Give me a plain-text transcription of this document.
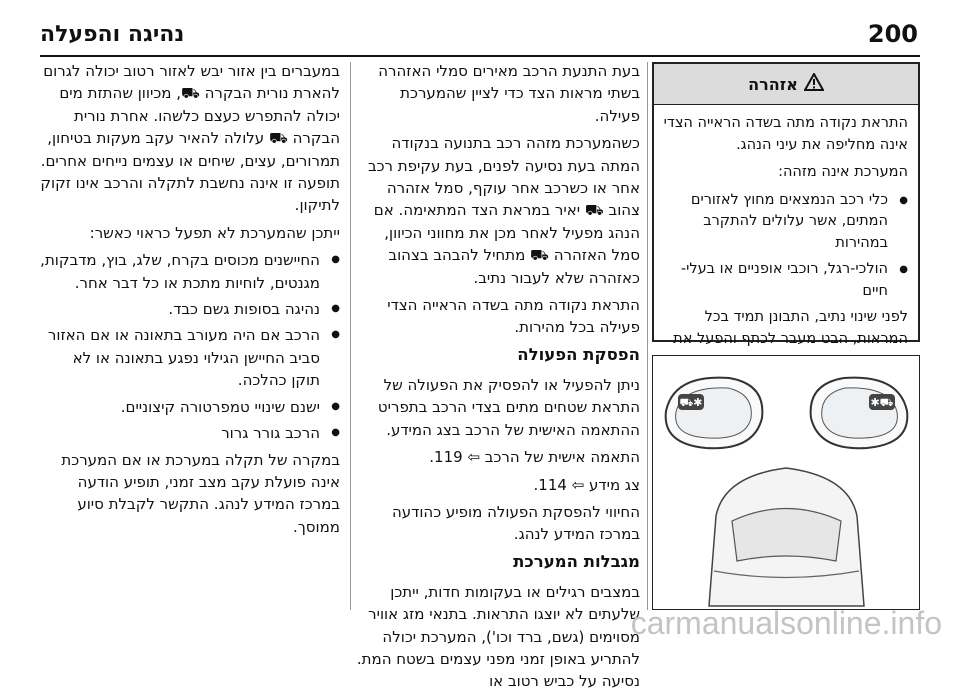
200
נהיגה והפעלה
אזהרה

התראת נקודה מתה בשדה הראייה הצדי אינה מחליפה את עיני הנהג.

המערכת אינה מזהה:

● כלי רכב הנמצאים מחוץ לאזורים המתים, אשר עלולים להתקרב במהירות
● הולכי-רגל, רוכבי אופניים או בעלי- חיים

לפני שינוי נתיב, התבונן תמיד בכל המראות, הבט מעבר לכתף והפעל את

✱⛟	⛟✱

בעת התנעת הרכב מאירים סמלי האזהרה בשתי מראות הצד כדי לציין שהמערכת פעילה.

כשהמערכת מזהה רכב בתנועה בנקודה המתה בעת נסיעה לפנים, בעת עקיפת רכב אחר או כשרכב אחר עוקף, סמל אזהרה צהוב ⛟ יאיר במראת הצד המתאימה. אם הנהג מפעיל לאחר מכן את מחווני הכיוון, סמל האזהרה ⛟ מתחיל להבהב בצהוב כאזהרה שלא לעבור נתיב.

התראת נקודה מתה בשדה הראייה הצדי פעילה בכל מהירות.

הפסקת הפעולה

ניתן להפעיל או להפסיק את הפעולה של התראת שטחים מתים בצדי הרכב בתפריט ההתאמה האישית של הרכב בצג המידע.

התאמה אישית של הרכב ⇦ 119.

צג מידע ⇦ 114.

החיווי להפסקת הפעולה מופיע כהודעה במרכז המידע לנהג.

מגבלות המערכת

במצבים רגילים או בעקומות חדות, ייתכן שלעתים לא יוצגו התראות. בתנאי מזג אוויר מסוימים (גשם, ברד וכו'), המערכת יכולה להתריע באופן זמני מפני עצמים בשטח המת. נסיעה על כביש רטוב או

במעברים בין אזור יבש לאזור רטוב יכולה לגרום להארת נורית הבקרה ⛟, מכיוון שהתזת מים יכולה להתפרש כעצם כלשהו. אחרת נורית הבקרה ⛟ עלולה להאיר עקב מעקות בטיחון, תמרורים, עצים, שיחים או עצמים נייחים אחרים. תופעה זו אינה נחשבת לתקלה והרכב אינו זקוק לתיקון.

ייתכן שהמערכת לא תפעל כראוי כאשר:

● החיישנים מכוסים בקרח, שלג, בוץ, מדבקות, מגנטים, לוחיות מתכת או כל דבר אחר.
● נהיגה בסופות גשם כבד.
● הרכב אם היה מעורב בתאונה או אם האזור סביב החיישן הגילוי נפגע בתאונה או לא תוקן כהלכה.
● ישנם שינויי טמפרטורה קיצוניים.
● הרכב גורר גרור

במקרה של תקלה במערכת או אם המערכת אינה פועלת עקב מצב זמני, תופיע הודעה במרכז המידע לנהג. התקשר לקבלת סיוע ממוסך.

carmanualsonline.info
